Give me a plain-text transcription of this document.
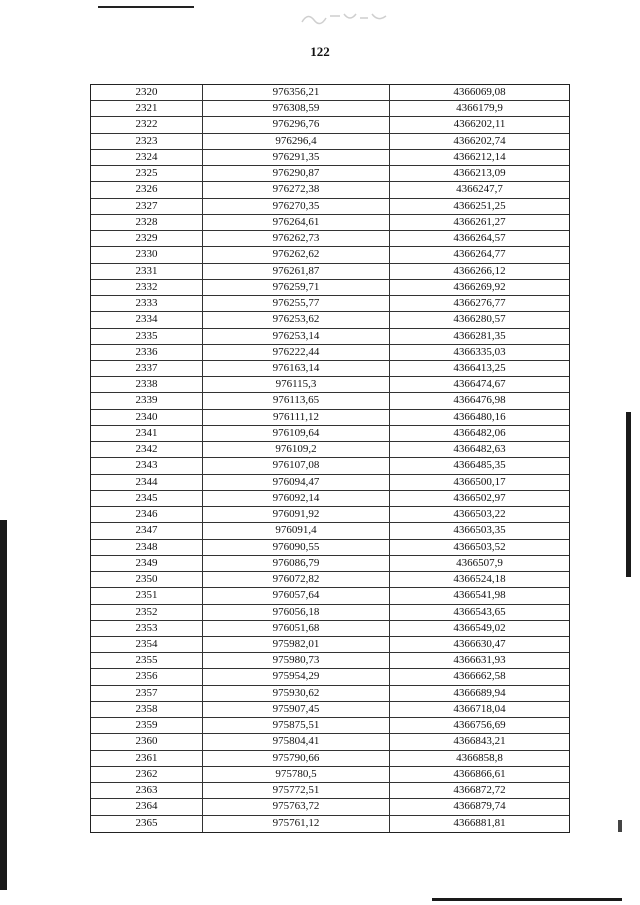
122
2320	976356,21	4366069,08
2321	976308,59	4366179,9
2322	976296,76	4366202,11
2323	976296,4	4366202,74
2324	976291,35	4366212,14
2325	976290,87	4366213,09
2326	976272,38	4366247,7
2327	976270,35	4366251,25
2328	976264,61	4366261,27
2329	976262,73	4366264,57
2330	976262,62	4366264,77
2331	976261,87	4366266,12
2332	976259,71	4366269,92
2333	976255,77	4366276,77
2334	976253,62	4366280,57
2335	976253,14	4366281,35
2336	976222,44	4366335,03
2337	976163,14	4366413,25
2338	976115,3	4366474,67
2339	976113,65	4366476,98
2340	976111,12	4366480,16
2341	976109,64	4366482,06
2342	976109,2	4366482,63
2343	976107,08	4366485,35
2344	976094,47	4366500,17
2345	976092,14	4366502,97
2346	976091,92	4366503,22
2347	976091,4	4366503,35
2348	976090,55	4366503,52
2349	976086,79	4366507,9
2350	976072,82	4366524,18
2351	976057,64	4366541,98
2352	976056,18	4366543,65
2353	976051,68	4366549,02
2354	975982,01	4366630,47
2355	975980,73	4366631,93
2356	975954,29	4366662,58
2357	975930,62	4366689,94
2358	975907,45	4366718,04
2359	975875,51	4366756,69
2360	975804,41	4366843,21
2361	975790,66	4366858,8
2362	975780,5	4366866,61
2363	975772,51	4366872,72
2364	975763,72	4366879,74
2365	975761,12	4366881,81
